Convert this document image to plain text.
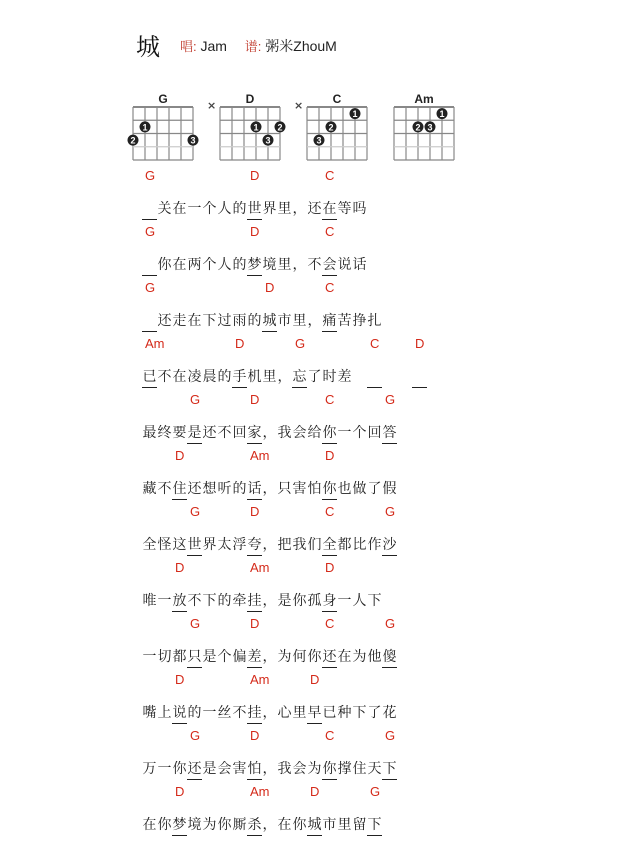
城 唱: Jam 谱: 粥米ZhouM
G
1
2	3
D
×
1 2
3
C
×
1
2
3
Am
1
2 3
G	D	C

关 在 一 个 人 的 世 界 里 ， 还 在 等 吗
G	D	C

你 在 两 个 人 的 梦 境 里 ， 不 会 说 话
G	D	C

还 走 在 下 过 雨 的 城 市 里 ， 痛 苦 挣 扎
Am	D	G	C	D
已 不 在 凌 晨 的 手 机 里 ， 忘 了 时 差

G	D	C	G
最 终 要 是 还 不 回 家 ， 我 会 给 你 一 个 回 答
D	Am	D
藏 不 住 还 想 听 的 话 ， 只 害 怕 你 也 做 了 假
G	D	C	G
全 怪 这 世 界 太 浮 夸 ， 把 我 们 全 都 比 作 沙
D	Am	D
唯 一 放 不 下 的 牵 挂 ， 是 你 孤 身 一 人 下
G	D	C	G
一 切 都 只 是 个 偏 差 ， 为 何 你 还 在 为 他 傻
D	Am	D
嘴 上 说 的 一 丝 不 挂 ， 心 里 早 已 种 下 了 花
G	D	C	G
万 一 你 还 是 会 害 怕 ， 我 会 为 你 撑 住 天 下
D	Am	D	G
在 你 梦 境 为 你 厮 杀 ， 在 你 城 市 里 留 下
